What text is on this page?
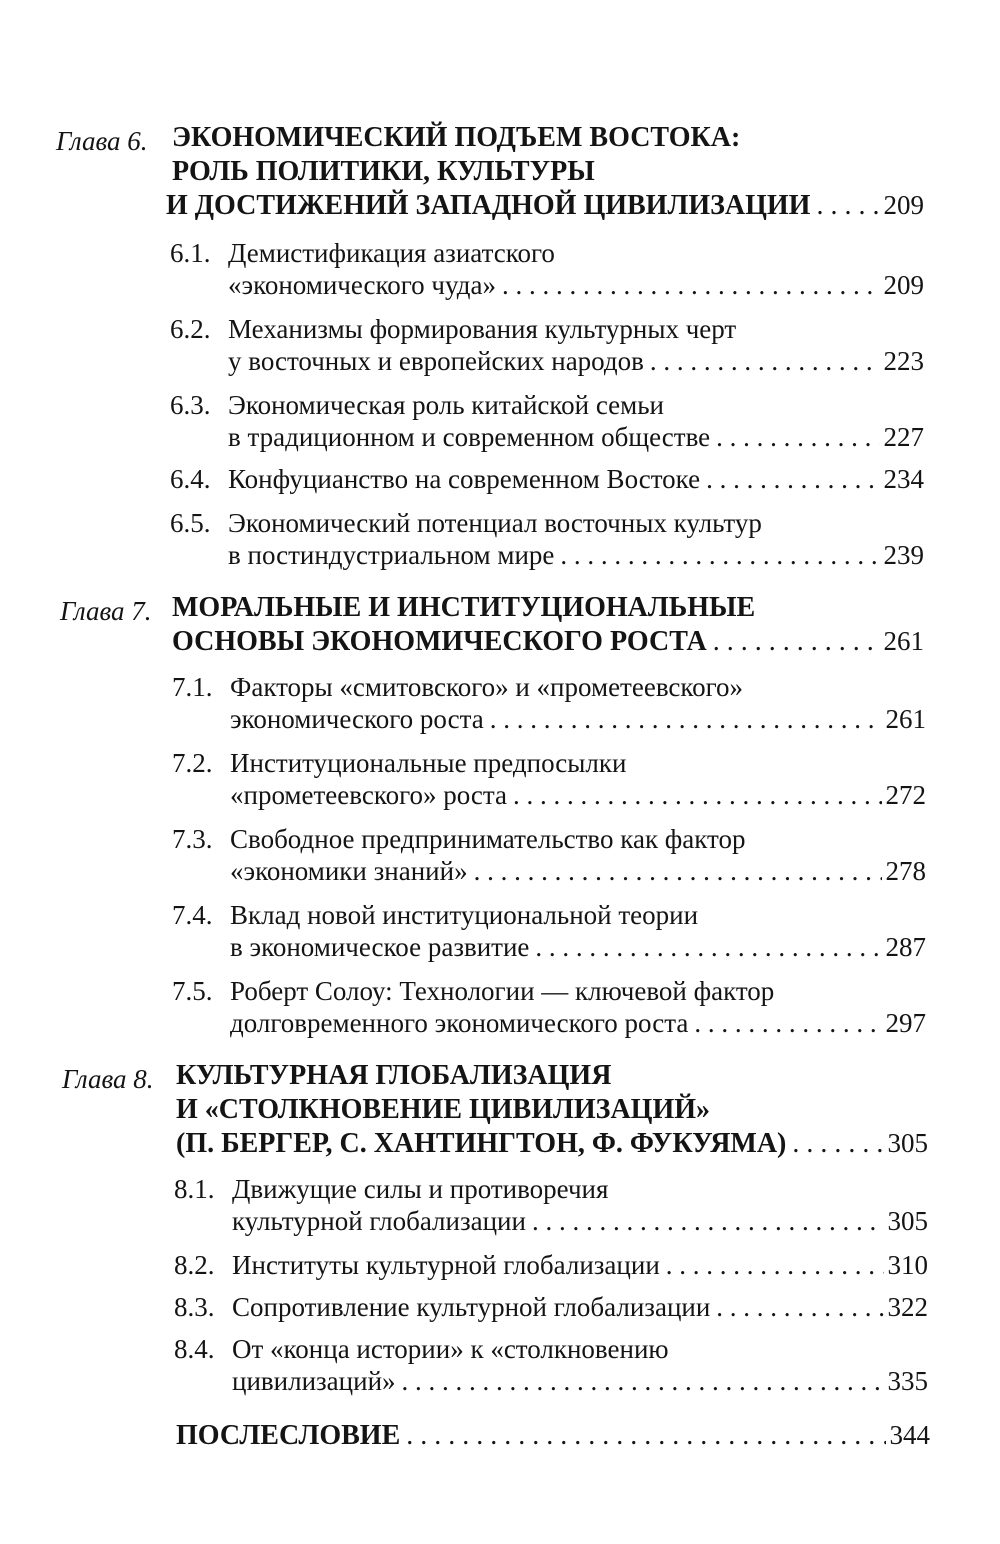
Глава 6. ЭКОНОМИЧЕСКИЙ ПОДЪЕМ ВОСТОКА:
РОЛЬ ПОЛИТИКИ, КУЛЬТУРЫ
И ДОСТИЖЕНИЙ ЗАПАДНОЙ ЦИВИЛИЗАЦИИ . . .	209
6.1. Демистификация азиатского
«экономического чуда» . . .	209
6.2. Механизмы формирования культурных черт
у восточных и европейских народов . . .	223
6.3. Экономическая роль китайской семьи
в традиционном и современном обществе . . .	227
6.4. Конфуцианство на современном Востоке . . .	234
6.5. Экономический потенциал восточных культур
в постиндустриальном мире . . .	239
Глава 7. МОРАЛЬНЫЕ И ИНСТИТУЦИОНАЛЬНЫЕ
ОСНОВЫ ЭКОНОМИЧЕСКОГО РОСТА . . .	261
7.1. Факторы «смитовского» и «прометеевского»
экономического роста . . .	261
7.2. Институциональные предпосылки
«прометеевского» роста . . .	272
7.3. Свободное предпринимательство как фактор
«экономики знаний» . . .	278
7.4. Вклад новой институциональной теории
в экономическое развитие . . .	287
7.5. Роберт Солоу: Технологии — ключевой фактор
долговременного экономического роста . . .	297
Глава 8. КУЛЬТУРНАЯ ГЛОБАЛИЗАЦИЯ
И «СТОЛКНОВЕНИЕ ЦИВИЛИЗАЦИЙ»
(П. БЕРГЕР, С. ХАНТИНГТОН, Ф. ФУКУЯМА) . . .	305
8.1. Движущие силы и противоречия
культурной глобализации . . .	305
8.2. Институты культурной глобализации . . .	310
8.3. Сопротивление культурной глобализации . . .	322
8.4. От «конца истории» к «столкновению
цивилизаций» . . .	335
ПОСЛЕСЛОВИЕ . . .	344
